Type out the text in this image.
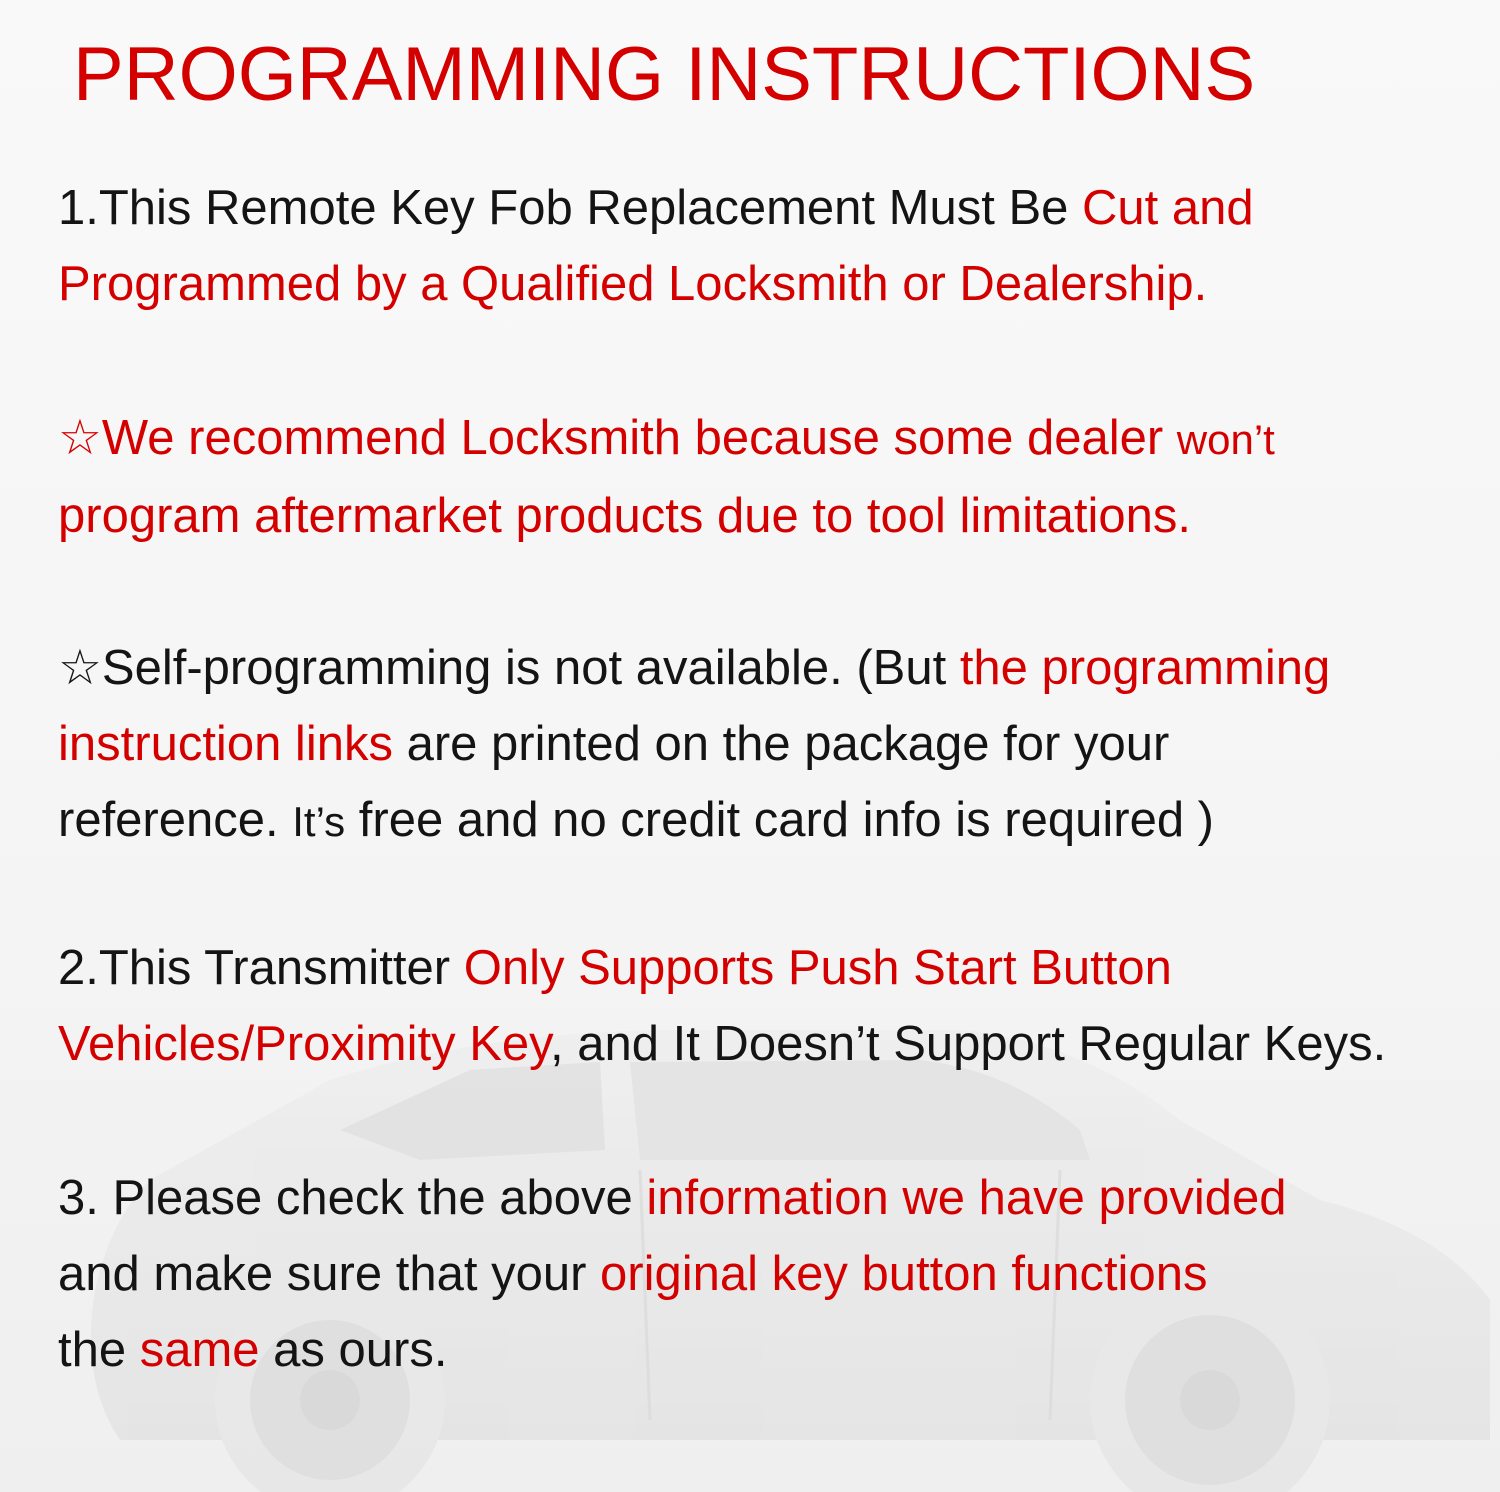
PROGRAMMING INSTRUCTIONS
1.This Remote Key Fob Replacement Must Be Cut and
Programmed by a Qualified Locksmith or Dealership.
☆We recommend Locksmith because some dealer won’t
program aftermarket products due to tool limitations.
☆Self-programming is not available. (But the programming
instruction links are printed on the package for your
reference. It’s free and no credit card info is required )
2.This Transmitter Only Supports Push Start Button
Vehicles/Proximity Key, and It Doesn’t Support Regular Keys.
3. Please check the above information we have provided
and make sure that your original key button functions
the same as ours.
